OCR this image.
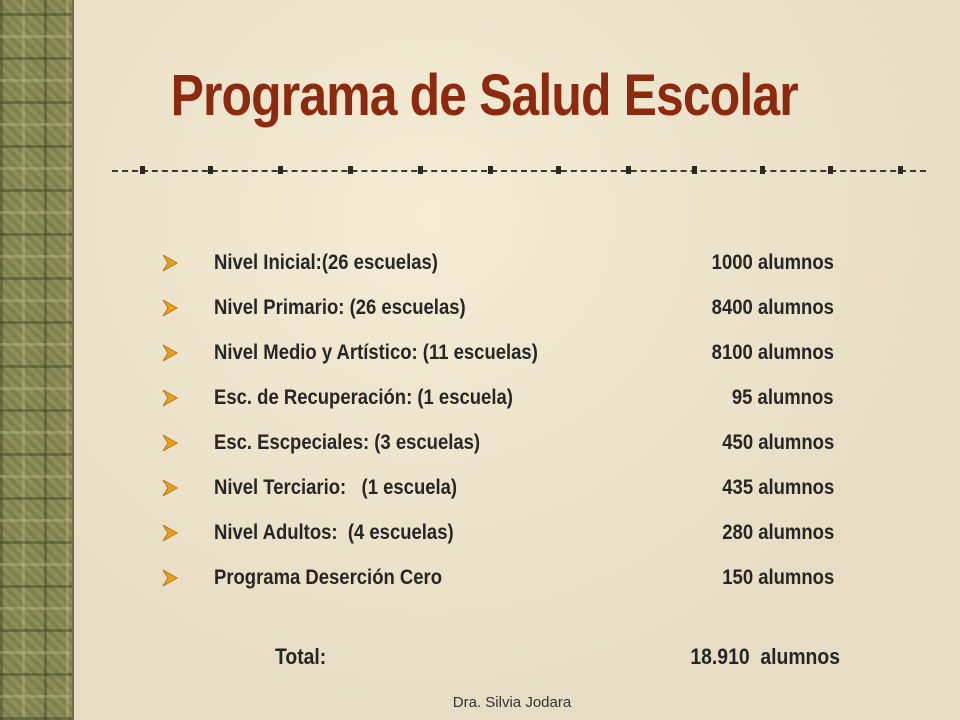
Programa de Salud Escolar
Nivel Inicial:(26 escuelas)	1000 alumnos
Nivel Primario: (26 escuelas)	8400 alumnos
Nivel Medio y Artístico: (11 escuelas)	8100 alumnos
Esc. de Recuperación: (1 escuela)	95 alumnos
Esc. Escpeciales: (3 escuelas)	450 alumnos
Nivel Terciario:   (1 escuela)	435 alumnos
Nivel Adultos:  (4 escuelas)	280 alumnos
Programa Deserción Cero	150 alumnos
Total:	18.910  alumnos
Dra. Silvia Jodara
